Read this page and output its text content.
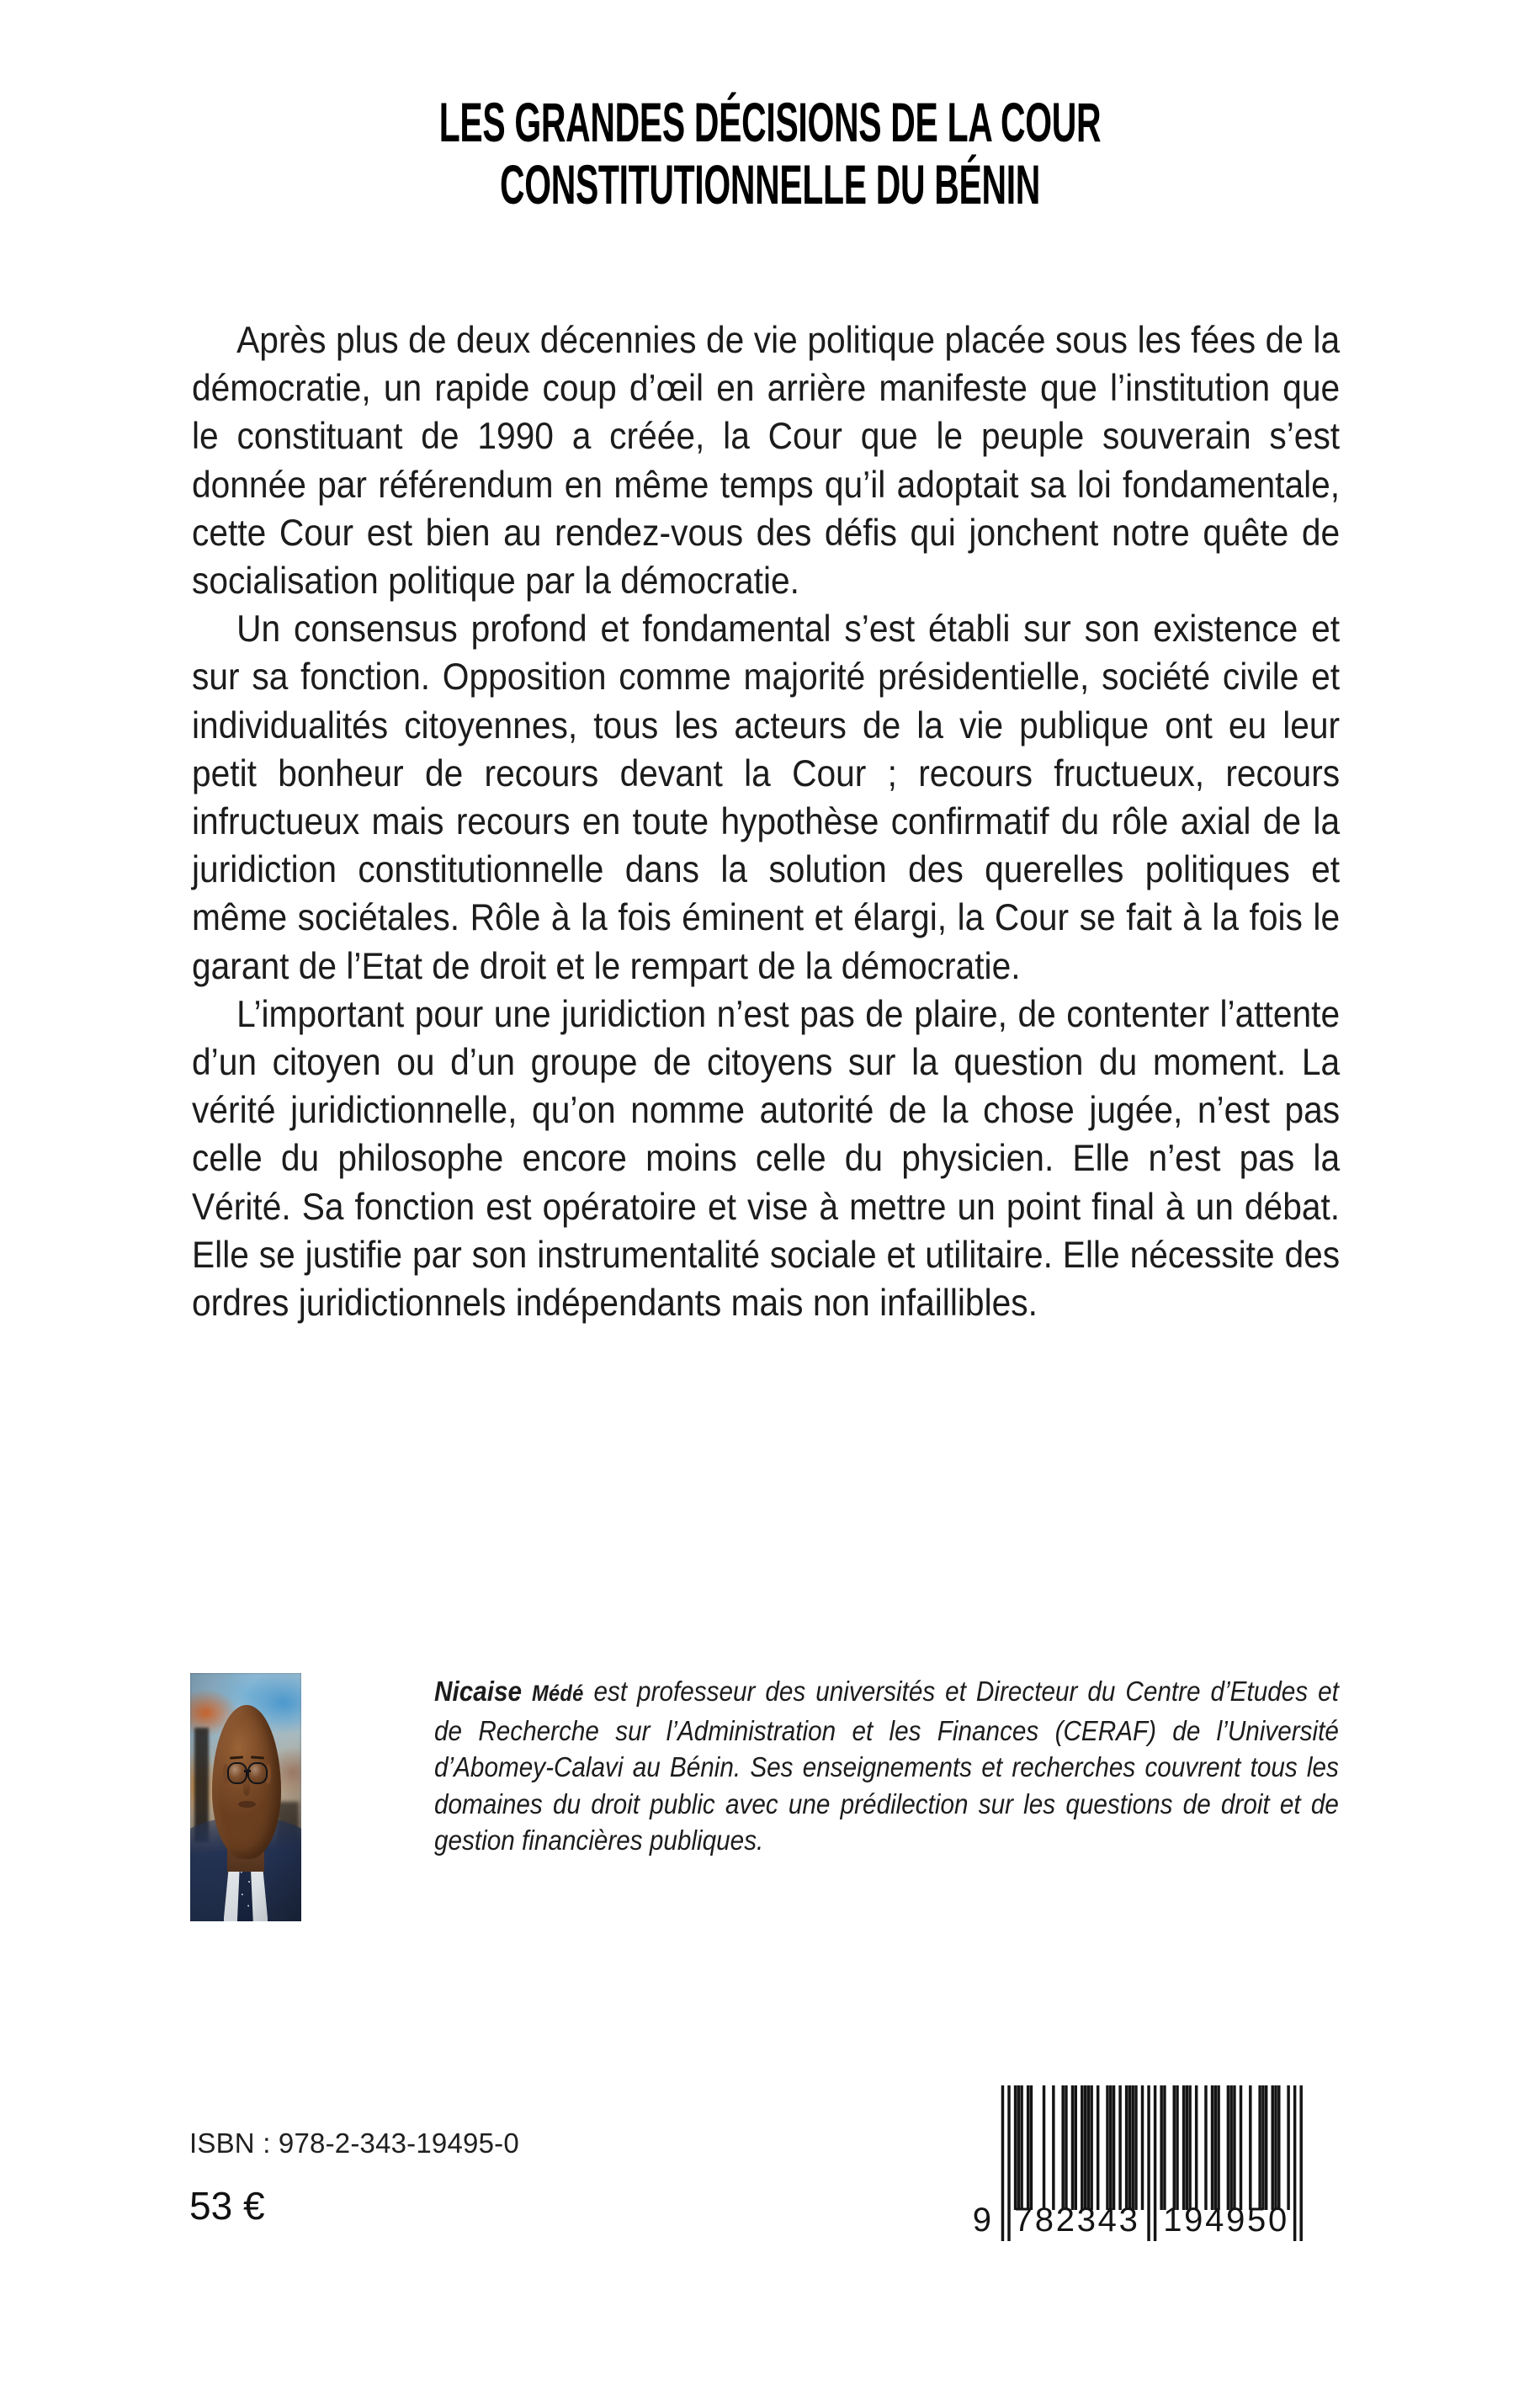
LES GRANDES DÉCISIONS DE LA COUR
CONSTITUTIONNELLE DU BÉNIN

Après plus de deux décennies de vie politique placée sous les fées de la démocratie, un rapide coup d’œil en arrière manifeste que l’institution que le constituant de 1990 a créée, la Cour que le peuple souverain s’est donnée par référendum en même temps qu’il adoptait sa loi fondamentale, cette Cour est bien au rendez-vous des défis qui jonchent notre quête de socialisation politique par la démocratie.

Un consensus profond et fondamental s’est établi sur son existence et sur sa fonction. Opposition comme majorité présidentielle, société civile et individualités citoyennes, tous les acteurs de la vie publique ont eu leur petit bonheur de recours devant la Cour ; recours fructueux, recours infructueux mais recours en toute hypothèse confirmatif du rôle axial de la juridiction constitutionnelle dans la solution des querelles politiques et même sociétales. Rôle à la fois éminent et élargi, la Cour se fait à la fois le garant de l’Etat de droit et le rempart de la démocratie.

L’important pour une juridiction n’est pas de plaire, de contenter l’attente d’un citoyen ou d’un groupe de citoyens sur la question du moment. La vérité juridictionnelle, qu’on nomme autorité de la chose jugée, n’est pas celle du philosophe encore moins celle du physicien. Elle n’est pas la Vérité. Sa fonction est opératoire et vise à mettre un point final à un débat. Elle se justifie par son instrumentalité sociale et utilitaire. Elle nécessite des ordres juridictionnels indépendants mais non infaillibles.

Nicaise Médé est professeur des universités et Directeur du Centre d’Etudes et de Recherche sur l’Administration et les Finances (CERAF) de l’Université d’Abomey-Calavi au Bénin. Ses enseignements et recherches couvrent tous les domaines du droit public avec une prédilection sur les questions de droit et de gestion financières publiques.

ISBN : 978-2-343-19495-0
53 €	9 782343 194950
